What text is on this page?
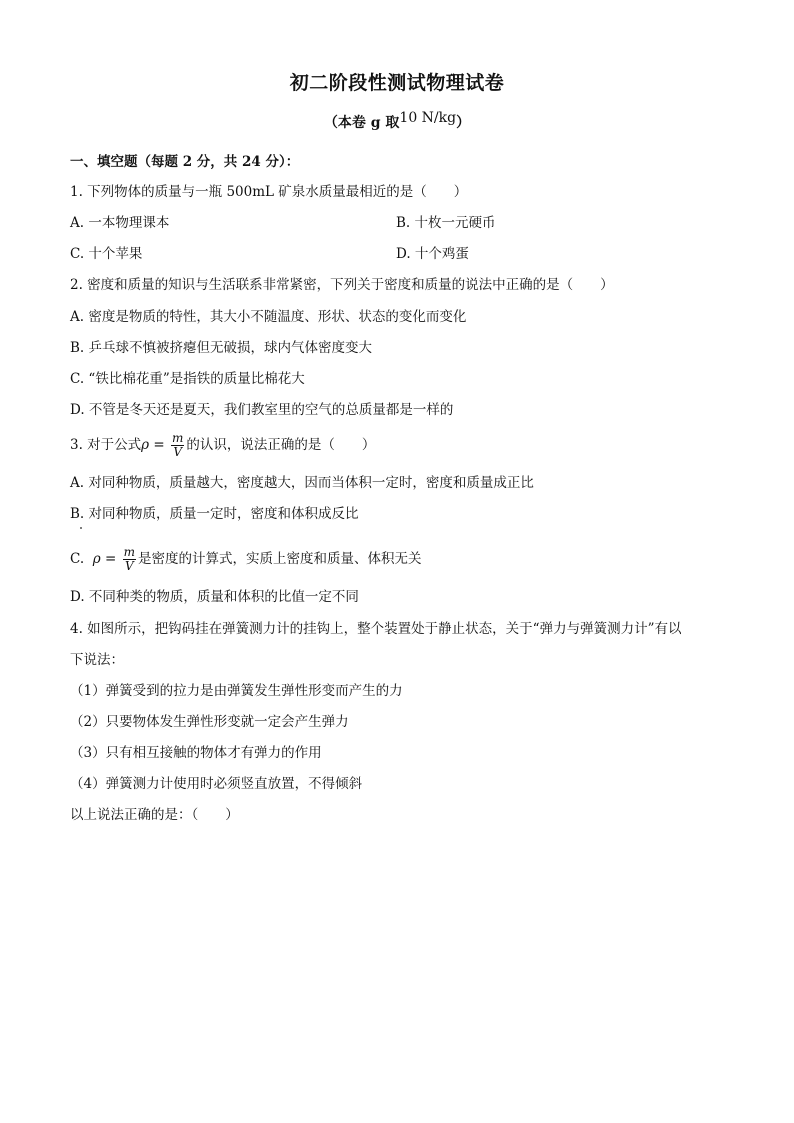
初二阶段性测试物理试卷
（本卷 g 取10 N/kg）
一、填空题（每题 2 分，共 24 分）：
1. 下列物体的质量与一瓶 500mL 矿泉水质量最相近的是（　　）
A. 一本物理课本	B. 十枚一元硬币
C. 十个苹果	D. 十个鸡蛋
2. 密度和质量的知识与生活联系非常紧密，下列关于密度和质量的说法中正确的是（　　）
A. 密度是物质的特性，其大小不随温度、形状、状态的变化而变化
B. 乒乓球不慎被挤瘪但无破损，球内气体密度变大
C. “铁比棉花重”是指铁的质量比棉花大
D. 不管是冬天还是夏天，我们教室里的空气的总质量都是一样的
3. 对于公式$\rho = \frac{m}{V}$ 的认识，说法正确的是（　　）
A. 对同种物质，质量越大，密度越大，因而当体积一定时，密度和质量成正比
B. 对同种物质，质量一定时，密度和体积成反比
C. $\rho = \frac{m}{V}$ 是密度的计算式，实质上密度和质量、体积无关
D. 不同种类的物质，质量和体积的比值一定不同
4. 如图所示，把钩码挂在弹簧测力计的挂钩上，整个装置处于静止状态，关于“弹力与弹簧测力计”有以
下说法：
（1）弹簧受到的拉力是由弹簧发生弹性形变而产生的力
（2）只要物体发生弹性形变就一定会产生弹力
（3）只有相互接触的物体才有弹力的作用
（4）弹簧测力计使用时必须竖直放置，不得倾斜
以上说法正确的是：（　　）
